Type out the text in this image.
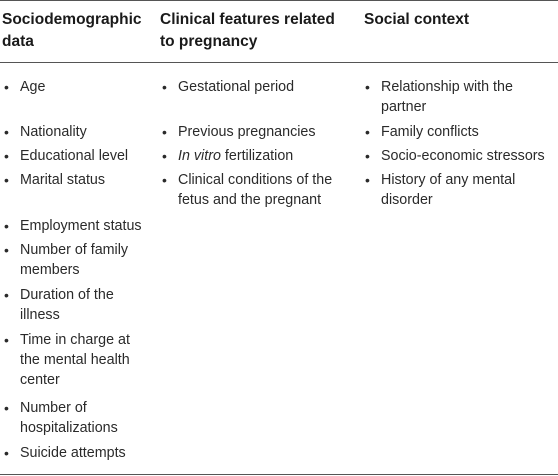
Sociodemographic data
Clinical features related to pregnancy
Social context
• Age
• Nationality
• Educational level
• Marital status
• Employment status
• Number of family members
• Duration of the illness
• Time in charge at the mental health center
• Number of hospitalizations
• Suicide attempts
• Gestational period
• Previous pregnancies
• In vitro fertilization
• Clinical conditions of the fetus and the pregnant
• Relationship with the partner
• Family conflicts
• Socio-economic stressors
• History of any mental disorder
